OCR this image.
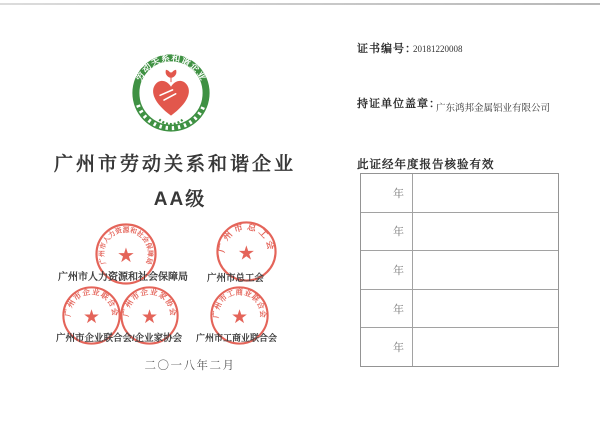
劳动关系和谐企业
广州市劳动关系和谐企业
AA级
广州市人力资源和社会保障局
★	广州市总工会
★
广州市企业联合会
★	广州市企业家协会
★	广州市工商业联合会
★
广州市人力资源和社会保障局 广州市总工会
广州市企业联合会/企业家协会 广州市工商业联合会
二〇一八年二月
证书编号：
20181220008
持证单位盖章：
广东鸿邦金属铝业有限公司
此证经年度报告核验有效
年
年
年
年
年
